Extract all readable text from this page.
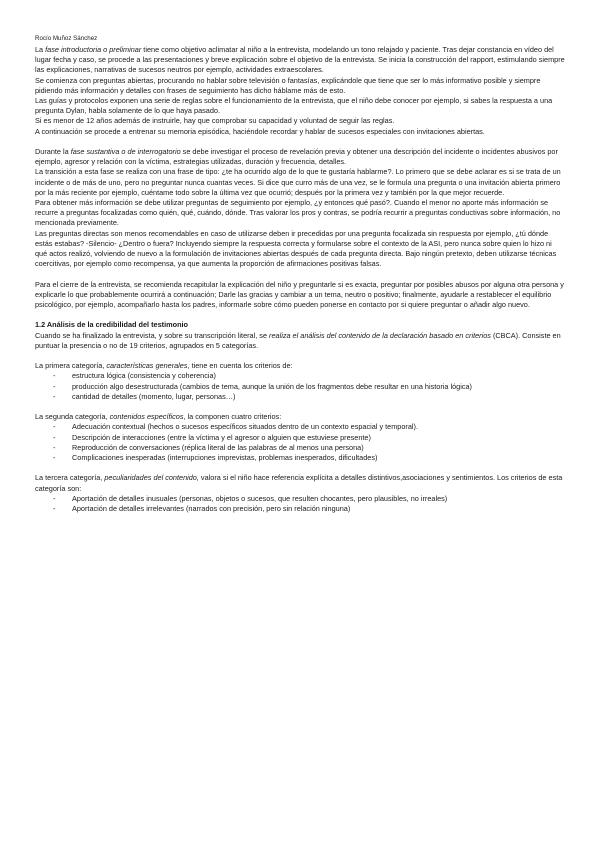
Rocío Muñoz Sánchez

La fase introductoria o preliminar tiene como objetivo aclimatar al niño a la entrevista, modelando un tono relajado y paciente. Tras dejar constancia en vídeo del lugar fecha y caso, se procede a las presentaciones y breve explicación sobre el objetivo de la entrevista. Se inicia la construcción del rapport, estimulando siempre las explicaciones, narrativas de sucesos neutros por ejemplo, actividades extraescolares.

Se comienza con preguntas abiertas, procurando no hablar sobre televisión o fantasías, explicándole que tiene que ser lo más informativo posible y siempre pidiendo más información y detalles con frases de seguimiento has dicho háblame más de esto.

Las guías y protocolos exponen una serie de reglas sobre el funcionamiento de la entrevista, que el niño debe conocer por ejemplo, si sabes la respuesta a una pregunta Dylan, habla solamente de lo que haya pasado.

Si es menor de 12 años además de instruirle, hay que comprobar su capacidad y voluntad de seguir las reglas.

A continuación se procede a entrenar su memoria episódica, haciéndole recordar y hablar de sucesos especiales con invitaciones abiertas.

Durante la fase sustantiva o de interrogatorio se debe investigar el proceso de revelación previa y obtener una descripción del incidente o incidentes abusivos por ejemplo, agresor y relación con la víctima, estrategias utilizadas, duración y frecuencia, detalles.

La transición a esta fase se realiza con una frase de tipo: ¿te ha ocurrido algo de lo que te gustaría hablarme?. Lo primero que se debe aclarar es si se trata de un incidente o de más de uno, pero no preguntar nunca cuantas veces. Si dice que curro más de una vez, se le formula una pregunta o una invitación abierta primero por la más reciente por ejemplo, cuéntame todo sobre la última vez que ocurrió; después por la primera vez y también por la que mejor recuerde.

Para obtener más información se debe utilizar preguntas de seguimiento por ejemplo, ¿y entonces qué pasó?. Cuando el menor no aporte más información se recurre a preguntas focalizadas como quién, qué, cuándo, dónde. Tras valorar los pros y contras, se podría recurrir a preguntas conductivas sobre información, no mencionada previamente.

Las preguntas directas son menos recomendables en caso de utilizarse deben ir precedidas por una pregunta focalizada sin respuesta por ejemplo, ¿tú dónde estás estabas? -Silencio- ¿Dentro o fuera? Incluyendo siempre la respuesta correcta y formularse sobre el contexto de la ASI, pero nunca sobre quien lo hizo ni qué actos realizó, volviendo de nuevo a la formulación de invitaciones abiertas después de cada pregunta directa. Bajo ningún pretexto, deben utilizarse técnicas coercitivas, por ejemplo como recompensa, ya que aumenta la proporción de afirmaciones positivas falsas.

Para el cierre de la entrevista, se recomienda recapitular la explicación del niño y preguntarle si es exacta, preguntar por posibles abusos por alguna otra persona y explicarle lo que probablemente ocurrirá a continuación; Darle las gracias y cambiar a un tema, neutro o positivo; finalmente, ayudarle a restablecer el equilibrio psicológico, por ejemplo, acompañarlo hasta los padres, informarle sobre cómo pueden ponerse en contacto por si quiere preguntar o añadir algo nuevo.

1.2 Análisis de la credibilidad del testimonio

Cuando se ha finalizado la entrevista, y sobre su transcripción literal, se realiza el análisis del contenido de la declaración basado en criterios (CBCA). Consiste en puntuar la presencia o no de 19 criterios, agrupados en 5 categorías.

La primera categoría, características generales, tiene en cuenta los criterios de:

- estructura lógica (consistencia y coherencia)
- producción algo desestructurada (cambios de tema, aunque la unión de los fragmentos debe resultar en una historia lógica)
- cantidad de detalles (momento, lugar, personas…)

La segunda categoría, contenidos específicos, la componen cuatro criterios:

- Adecuación contextual (hechos o sucesos específicos situados dentro de un contexto espacial y temporal).
- Descripción de interacciones (entre la víctima y el agresor o alguien que estuviese presente)
- Reproducción de conversaciones (réplica literal de las palabras de al menos una persona)
- Complicaciones inesperadas (interrupciones imprevistas, problemas inesperados, dificultades)

La tercera categoría, peculiaridades del contenido, valora si el niño hace referencia explícita a detalles distintivos,asociaciones y sentimientos. Los criterios de esta categoría son:

- Aportación de detalles inusuales (personas, objetos o sucesos, que resulten chocantes, pero plausibles, no irreales)
- Aportación de detalles irrelevantes (narrados con precisión, pero sin relación ninguna)
